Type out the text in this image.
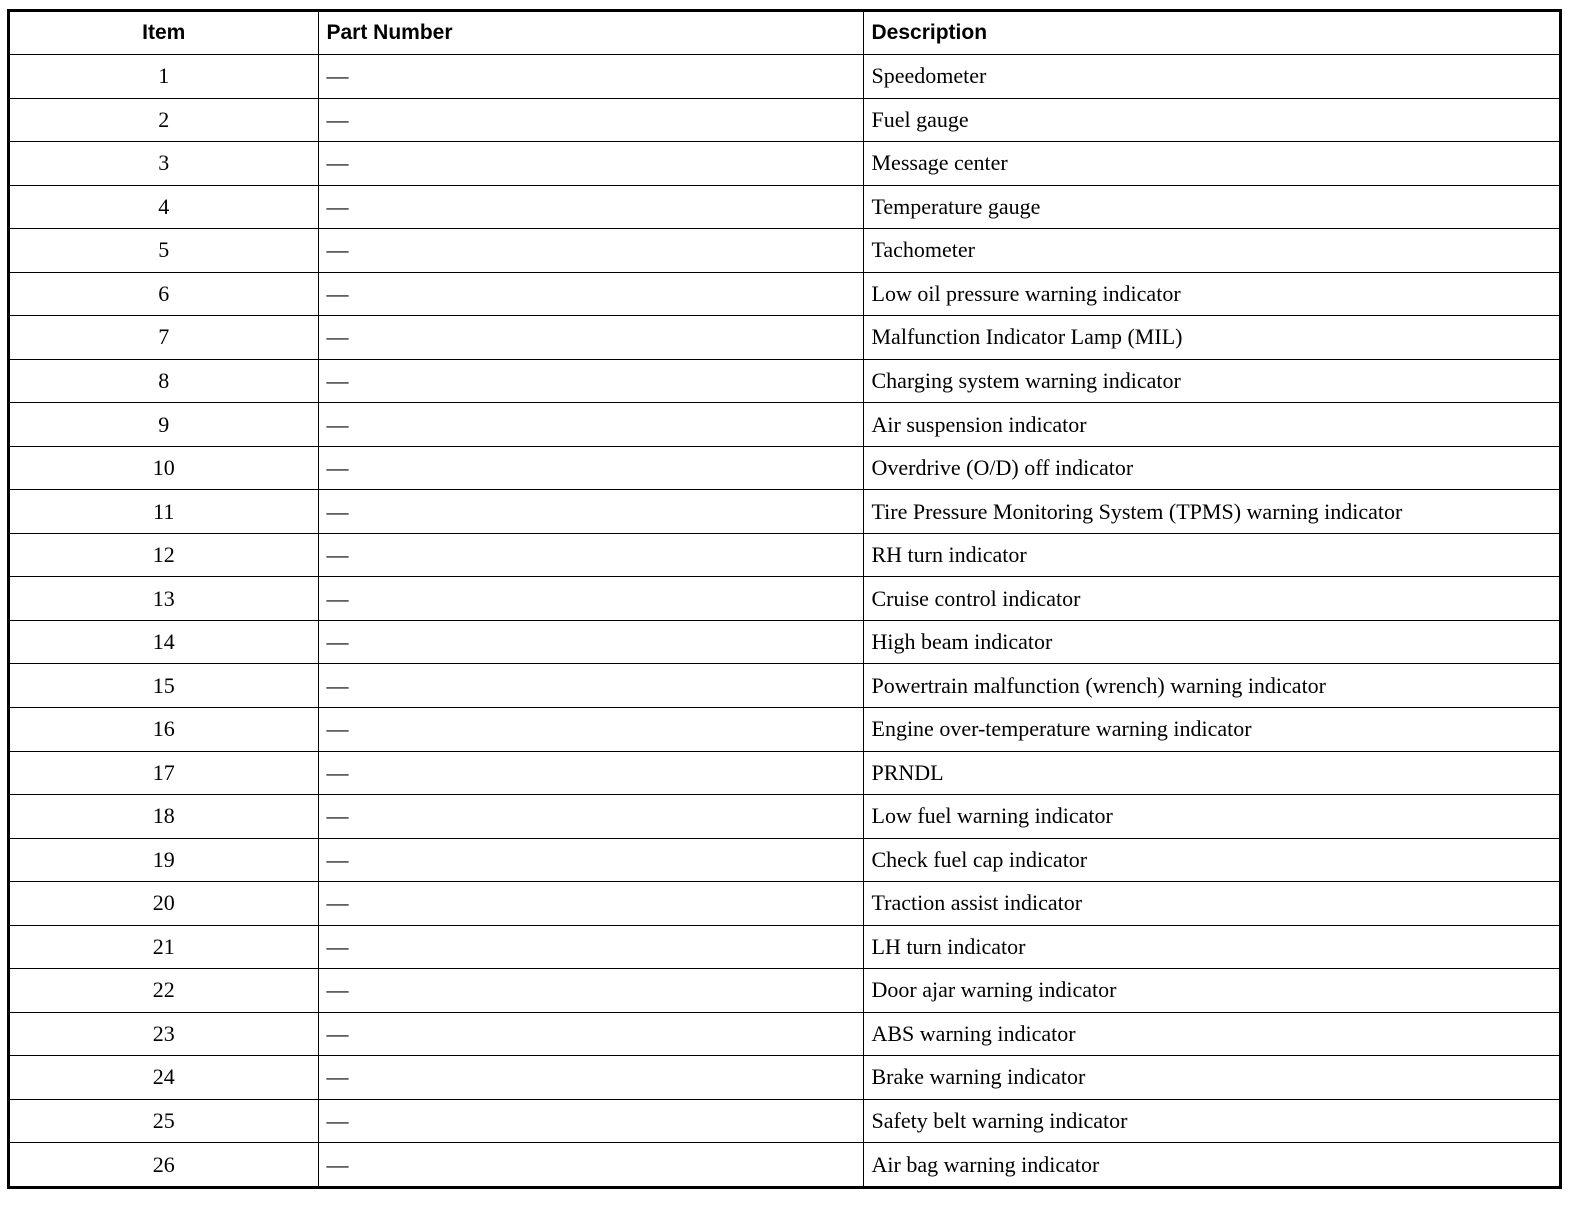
Item	Part Number	Description
1	—	Speedometer
2	—	Fuel gauge
3	—	Message center
4	—	Temperature gauge
5	—	Tachometer
6	—	Low oil pressure warning indicator
7	—	Malfunction Indicator Lamp (MIL)
8	—	Charging system warning indicator
9	—	Air suspension indicator
10	—	Overdrive (O/D) off indicator
11	—	Tire Pressure Monitoring System (TPMS) warning indicator
12	—	RH turn indicator
13	—	Cruise control indicator
14	—	High beam indicator
15	—	Powertrain malfunction (wrench) warning indicator
16	—	Engine over-temperature warning indicator
17	—	PRNDL
18	—	Low fuel warning indicator
19	—	Check fuel cap indicator
20	—	Traction assist indicator
21	—	LH turn indicator
22	—	Door ajar warning indicator
23	—	ABS warning indicator
24	—	Brake warning indicator
25	—	Safety belt warning indicator
26	—	Air bag warning indicator
